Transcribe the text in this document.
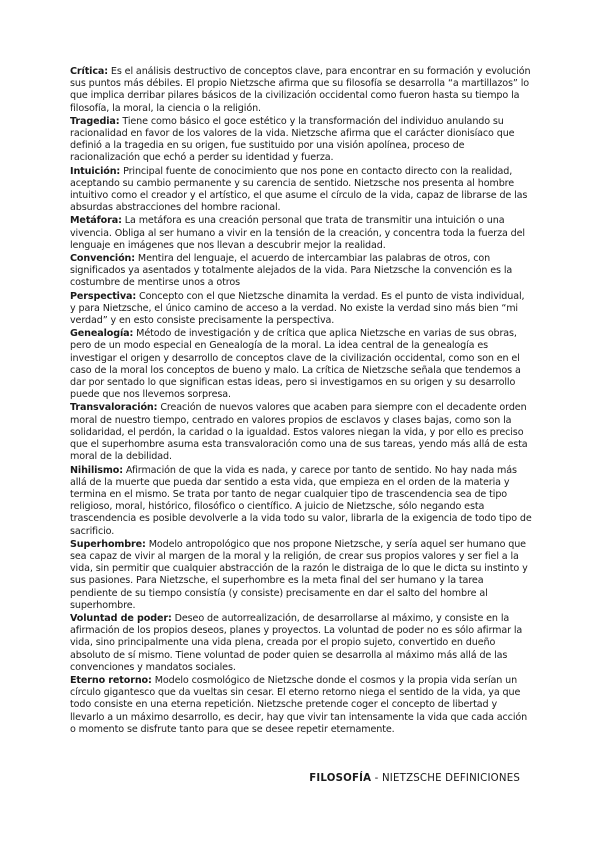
Crítica: Es el análisis destructivo de conceptos clave, para encontrar en su formación y evolución sus puntos más débiles. El propio Nietzsche afirma que su filosofía se desarrolla “a martillazos” lo que implica derribar pilares básicos de la civilización occidental como fueron hasta su tiempo la filosofía, la moral, la ciencia o la religión.

Tragedia: Tiene como básico el goce estético y la transformación del individuo anulando su racionalidad en favor de los valores de la vida. Nietzsche afirma que el carácter dionisíaco que definió a la tragedia en su origen, fue sustituido por una visión apolínea, proceso de racionalización que echó a perder su identidad y fuerza.

Intuición: Principal fuente de conocimiento que nos pone en contacto directo con la realidad, aceptando su cambio permanente y su carencia de sentido. Nietzsche nos presenta al hombre intuitivo como el creador y el artístico, el que asume el círculo de la vida, capaz de librarse de las absurdas abstracciones del hombre racional.

Metáfora: La metáfora es una creación personal que trata de transmitir una intuición o una vivencia. Obliga al ser humano a vivir en la tensión de la creación, y concentra toda la fuerza del lenguaje en imágenes que nos llevan a descubrir mejor la realidad.

Convención: Mentira del lenguaje, el acuerdo de intercambiar las palabras de otros, con significados ya asentados y totalmente alejados de la vida. Para Nietzsche la convención es la costumbre de mentirse unos a otros

Perspectiva: Concepto con el que Nietzsche dinamita la verdad. Es el punto de vista individual, y para Nietzsche, el único camino de acceso a la verdad. No existe la verdad sino más bien “mi verdad” y en esto consiste precisamente la perspectiva.

Genealogía: Método de investigación y de crítica que aplica Nietzsche en varias de sus obras, pero de un modo especial en Genealogía de la moral. La idea central de la genealogía es investigar el origen y desarrollo de conceptos clave de la civilización occidental, como son en el caso de la moral los conceptos de bueno y malo. La crítica de Nietzsche señala que tendemos a dar por sentado lo que significan estas ideas, pero si investigamos en su origen y su desarrollo puede que nos llevemos sorpresa.

Transvaloración: Creación de nuevos valores que acaben para siempre con el decadente orden moral de nuestro tiempo, centrado en valores propios de esclavos y clases bajas, como son la solidaridad, el perdón, la caridad o la igualdad. Estos valores niegan la vida, y por ello es preciso que el superhombre asuma esta transvaloración como una de sus tareas, yendo más allá de esta moral de la debilidad.

Nihilismo: Afirmación de que la vida es nada, y carece por tanto de sentido. No hay nada más allá de la muerte que pueda dar sentido a esta vida, que empieza en el orden de la materia y termina en el mismo. Se trata por tanto de negar cualquier tipo de trascendencia sea de tipo religioso, moral, histórico, filosófico o científico. A juicio de Nietzsche, sólo negando esta trascendencia es posible devolverle a la vida todo su valor, librarla de la exigencia de todo tipo de sacrificio.

Superhombre: Modelo antropológico que nos propone Nietzsche, y sería aquel ser humano que sea capaz de vivir al margen de la moral y la religión, de crear sus propios valores y ser fiel a la vida, sin permitir que cualquier abstracción de la razón le distraiga de lo que le dicta su instinto y sus pasiones. Para Nietzsche, el superhombre es la meta final del ser humano y la tarea pendiente de su tiempo consistía (y consiste) precisamente en dar el salto del hombre al superhombre.

Voluntad de poder: Deseo de autorrealización, de desarrollarse al máximo, y consiste en la afirmación de los propios deseos, planes y proyectos. La voluntad de poder no es sólo afirmar la vida, sino principalmente una vida plena, creada por el propio sujeto, convertido en dueño absoluto de sí mismo. Tiene voluntad de poder quien se desarrolla al máximo más allá de las convenciones y mandatos sociales.

Eterno retorno: Modelo cosmológico de Nietzsche donde el cosmos y la propia vida serían un círculo gigantesco que da vueltas sin cesar. El eterno retorno niega el sentido de la vida, ya que todo consiste en una eterna repetición. Nietzsche pretende coger el concepto de libertad y llevarlo a un máximo desarrollo, es decir, hay que vivir tan intensamente la vida que cada acción o momento se disfrute tanto para que se desee repetir eternamente.

FILOSOFÍA - NIETZSCHE DEFINICIONES
